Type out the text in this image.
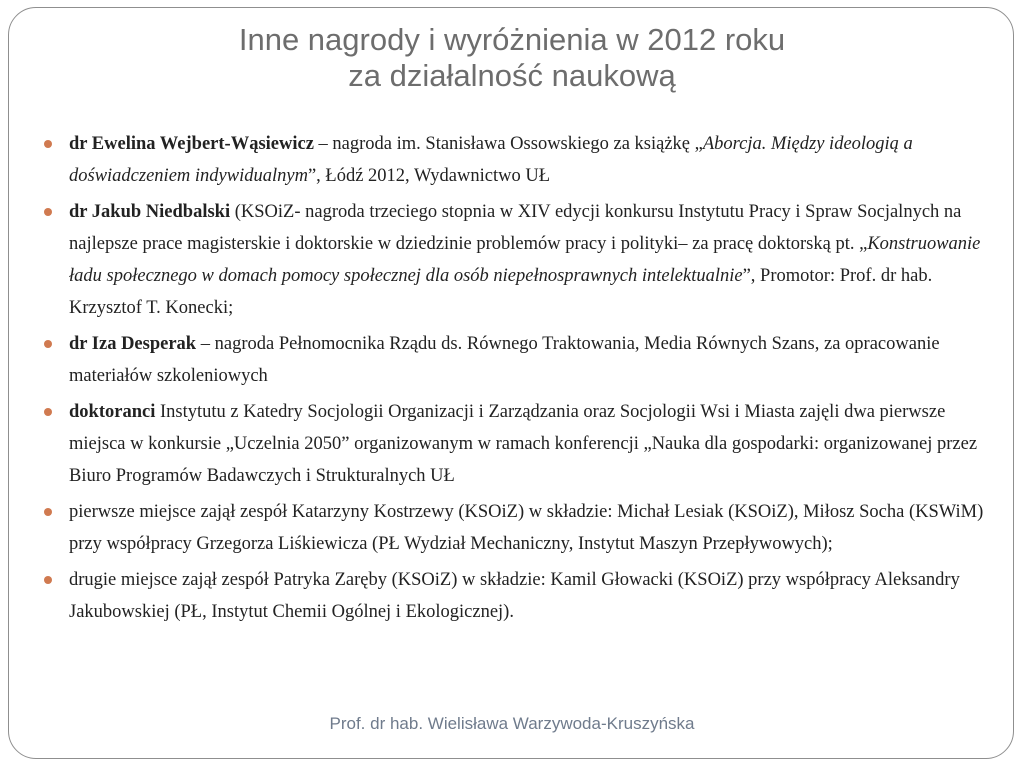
Inne nagrody i wyróżnienia w 2012 roku
za działalność naukową
dr Ewelina Wejbert-Wąsiewicz – nagroda im. Stanisława Ossowskiego za książkę „Aborcja. Między ideologią a doświadczeniem indywidualnym”, Łódź 2012, Wydawnictwo UŁ
dr Jakub Niedbalski (KSOiZ- nagroda trzeciego stopnia w XIV edycji konkursu Instytutu Pracy i Spraw Socjalnych na najlepsze prace magisterskie i doktorskie w dziedzinie problemów pracy i polityki– za pracę doktorską pt. „Konstruowanie ładu społecznego w domach pomocy społecznej dla osób niepełnosprawnych intelektualnie”, Promotor: Prof. dr hab. Krzysztof T. Konecki;
dr Iza Desperak – nagroda Pełnomocnika Rządu ds. Równego Traktowania, Media Równych Szans, za opracowanie materiałów szkoleniowych
doktoranci Instytutu z Katedry Socjologii Organizacji i Zarządzania oraz Socjologii Wsi i Miasta zajęli dwa pierwsze miejsca w konkursie „Uczelnia 2050” organizowanym w ramach konferencji „Nauka dla gospodarki: organizowanej przez Biuro Programów Badawczych i Strukturalnych UŁ
pierwsze miejsce zajął zespół Katarzyny Kostrzewy (KSOiZ) w składzie: Michał Lesiak (KSOiZ), Miłosz Socha (KSWiM) przy współpracy Grzegorza Liśkiewicza (PŁ Wydział Mechaniczny, Instytut Maszyn Przepływowych);
drugie miejsce zajął zespół Patryka Zaręby (KSOiZ) w składzie: Kamil Głowacki (KSOiZ) przy współpracy Aleksandry Jakubowskiej (PŁ, Instytut Chemii Ogólnej i Ekologicznej).
Prof. dr hab. Wielisława Warzywoda-Kruszyńska
